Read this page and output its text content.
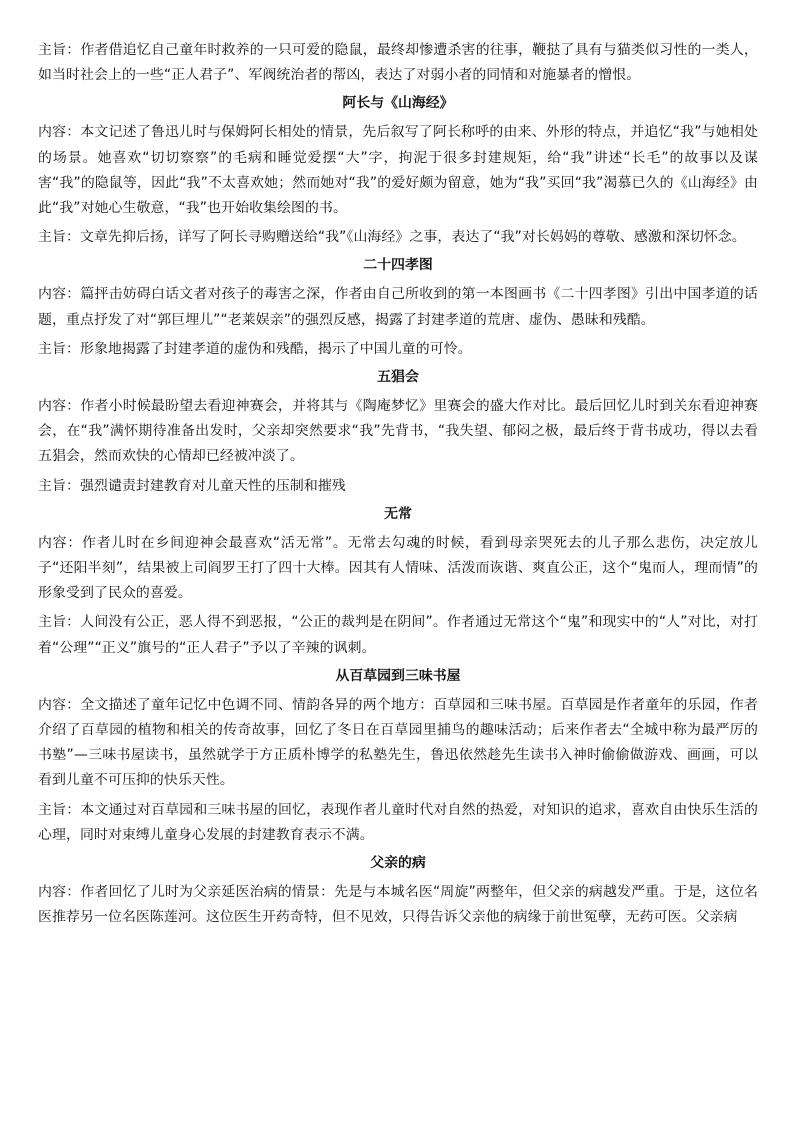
主旨：作者借追忆自己童年时救养的一只可爱的隐鼠，最终却惨遭杀害的往事，鞭挞了具有与猫类似习性的一类人，如当时社会上的一些“正人君子”、军阀统治者的帮凶，表达了对弱小者的同情和对施暴者的憎恨。

阿长与《山海经》

内容：本文记述了鲁迅儿时与保姆阿长相处的情景，先后叙写了阿长称呼的由来、外形的特点，并追忆“我”与她相处的场景。她喜欢“切切察察”的毛病和睡觉爱摆“大”字，拘泥于很多封建规矩，给“我”讲述“长毛”的故事以及谋害“我”的隐鼠等，因此“我”不太喜欢她；然而她对“我”的爱好颇为留意，她为“我”买回“我”渴慕已久的《山海经》由此“我”对她心生敬意，“我”也开始收集绘图的书。

主旨：文章先抑后扬，详写了阿长寻购赠送给“我”《山海经》之事，表达了“我”对长妈妈的尊敬、感激和深切怀念。

二十四孝图

内容：篇抨击妨碍白话文者对孩子的毒害之深，作者由自己所收到的第一本图画书《二十四孝图》引出中国孝道的话题，重点抒发了对“郭巨埋儿”“老莱娱亲”的强烈反感，揭露了封建孝道的荒唐、虚伪、愚昧和残酷。

主旨：形象地揭露了封建孝道的虚伪和残酷，揭示了中国儿童的可怜。

五猖会

内容：作者小时候最盼望去看迎神赛会，并将其与《陶庵梦忆》里赛会的盛大作对比。最后回忆儿时到关东看迎神赛会，在“我”满怀期待准备出发时，父亲却突然要求“我”先背书，“我失望、郁闷之极，最后终于背书成功，得以去看五猖会，然而欢快的心情却已经被冲淡了。

主旨：强烈谴责封建教育对儿童天性的压制和摧残

无常

内容：作者儿时在乡间迎神会最喜欢“活无常”。无常去勾魂的时候，看到母亲哭死去的儿子那么悲伤，决定放儿子“还阳半刻”，结果被上司阎罗王打了四十大棒。因其有人情味、活泼而诙谐、爽直公正，这个“鬼而人，理而情”的形象受到了民众的喜爱。

主旨：人间没有公正，恶人得不到恶报，“公正的裁判是在阴间”。作者通过无常这个“鬼”和现实中的“人”对比，对打着“公理”“正义”旗号的“正人君子”予以了辛辣的讽刺。

从百草园到三味书屋

内容：全文描述了童年记忆中色调不同、情韵各异的两个地方：百草园和三味书屋。百草园是作者童年的乐园，作者介绍了百草园的植物和相关的传奇故事，回忆了冬日在百草园里捕鸟的趣味活动；后来作者去“全城中称为最严厉的书塾”—三味书屋读书，虽然就学于方正质朴博学的私塾先生，鲁迅依然趁先生读书入神时偷偷做游戏、画画，可以看到儿童不可压抑的快乐天性。

主旨：本文通过对百草园和三味书屋的回忆，表现作者儿童时代对自然的热爱，对知识的追求，喜欢自由快乐生活的心理，同时对束缚儿童身心发展的封建教育表示不满。

父亲的病

内容：作者回忆了儿时为父亲延医治病的情景：先是与本城名医“周旋”两整年，但父亲的病越发严重。于是，这位名医推荐另一位名医陈莲河。这位医生开药奇特，但不见效，只得告诉父亲他的病缘于前世冤孽，无药可医。父亲病
